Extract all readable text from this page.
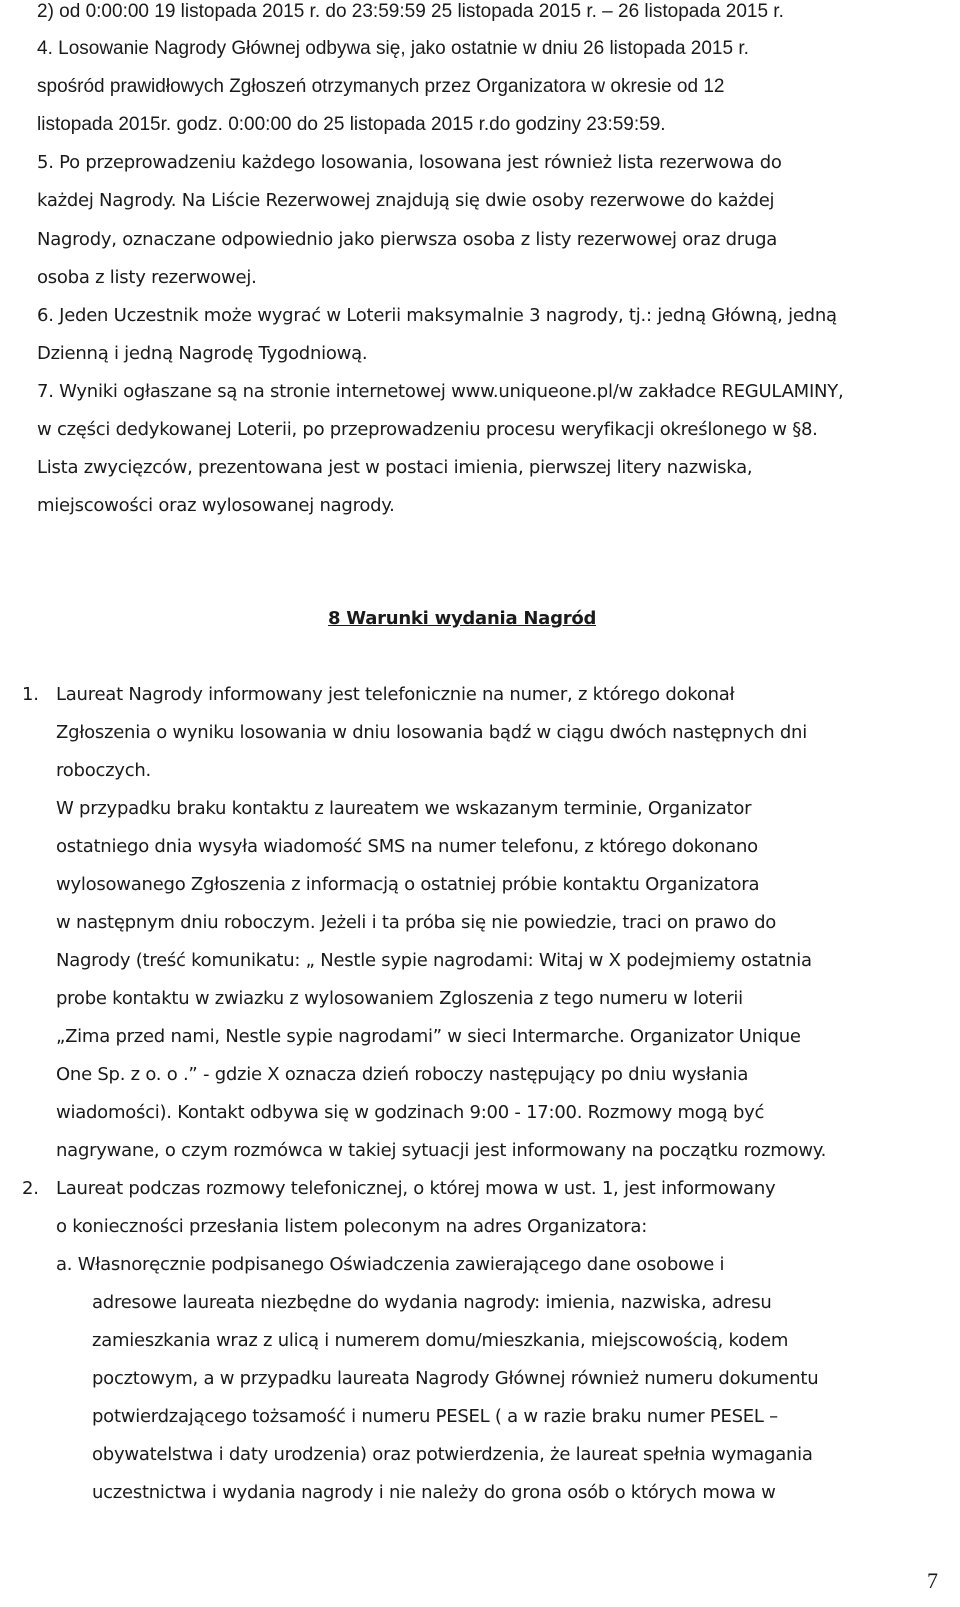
2) od 0:00:00 19 listopada 2015 r. do 23:59:59 25 listopada 2015 r. – 26 listopada 2015 r.
4. Losowanie Nagrody Głównej odbywa się, jako ostatnie w dniu 26 listopada 2015 r.
spośród prawidłowych Zgłoszeń otrzymanych przez Organizatora w okresie od 12
listopada 2015r. godz. 0:00:00 do 25 listopada 2015 r.do godziny 23:59:59.
5. Po przeprowadzeniu każdego losowania, losowana jest również lista rezerwowa do
każdej Nagrody. Na Liście Rezerwowej znajdują się dwie osoby rezerwowe do każdej
Nagrody, oznaczane odpowiednio jako pierwsza osoba z listy rezerwowej oraz druga
osoba z listy rezerwowej.
6. Jeden Uczestnik może wygrać w Loterii maksymalnie 3 nagrody, tj.: jedną Główną, jedną
Dzienną i jedną Nagrodę Tygodniową.
7. Wyniki ogłaszane są na stronie internetowej www.uniqueone.pl/w zakładce REGULAMINY,
w części dedykowanej Loterii, po przeprowadzeniu procesu weryfikacji określonego w §8.
Lista zwycięzców, prezentowana jest w postaci imienia, pierwszej litery nazwiska,
miejscowości oraz wylosowanej nagrody.
8 Warunki wydania Nagród
1. Laureat Nagrody informowany jest telefonicznie na numer, z którego dokonał
Zgłoszenia o wyniku losowania w dniu losowania bądź w ciągu dwóch następnych dni
roboczych.
W przypadku braku kontaktu z laureatem we wskazanym terminie, Organizator
ostatniego dnia wysyła wiadomość SMS na numer telefonu, z którego dokonano
wylosowanego Zgłoszenia z informacją o ostatniej próbie kontaktu Organizatora
w następnym dniu roboczym. Jeżeli i ta próba się nie powiedzie, traci on prawo do
Nagrody (treść komunikatu: „ Nestle sypie nagrodami: Witaj w X podejmiemy ostatnia
probe kontaktu w zwiazku z wylosowaniem Zgloszenia z tego numeru w loterii
„Zima przed nami, Nestle sypie nagrodami” w sieci Intermarche. Organizator Unique
One Sp. z o. o .” - gdzie X oznacza dzień roboczy następujący po dniu wysłania
wiadomości). Kontakt odbywa się w godzinach 9:00 - 17:00. Rozmowy mogą być
nagrywane, o czym rozmówca w takiej sytuacji jest informowany na początku rozmowy.
2. Laureat podczas rozmowy telefonicznej, o której mowa w ust. 1, jest informowany
o konieczności przesłania listem poleconym na adres Organizatora:
a. Własnoręcznie podpisanego Oświadczenia zawierającego dane osobowe i
adresowe laureata niezbędne do wydania nagrody: imienia, nazwiska, adresu
zamieszkania wraz z ulicą i numerem domu/mieszkania, miejscowością, kodem
pocztowym, a w przypadku laureata Nagrody Głównej również numeru dokumentu
potwierdzającego tożsamość i numeru PESEL ( a w razie braku numer PESEL –
obywatelstwa i daty urodzenia) oraz potwierdzenia, że laureat spełnia wymagania
uczestnictwa i wydania nagrody i nie należy do grona osób o których mowa w
7
